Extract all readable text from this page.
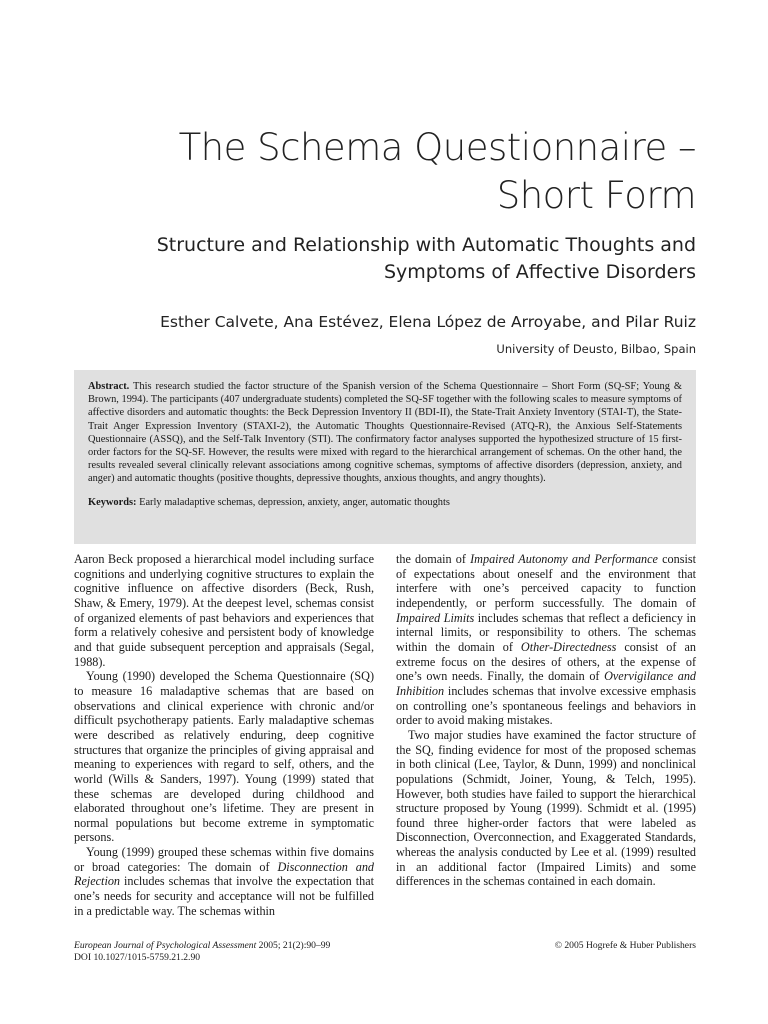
The Schema Questionnaire – Short Form
Structure and Relationship with Automatic Thoughts and Symptoms of Affective Disorders
Esther Calvete, Ana Estévez, Elena López de Arroyabe, and Pilar Ruiz
University of Deusto, Bilbao, Spain
Abstract. This research studied the factor structure of the Spanish version of the Schema Questionnaire – Short Form (SQ-SF; Young & Brown, 1994). The participants (407 undergraduate students) completed the SQ-SF together with the following scales to measure symptoms of affective disorders and automatic thoughts: the Beck Depression Inventory II (BDI-II), the State-Trait Anxiety Inventory (STAI-T), the State-Trait Anger Expression Inventory (STAXI-2), the Automatic Thoughts Questionnaire-Revised (ATQ-R), the Anxious Self-Statements Questionnaire (ASSQ), and the Self-Talk Inventory (STI). The confirmatory factor analyses supported the hypothesized structure of 15 first-order factors for the SQ-SF. However, the results were mixed with regard to the hierarchical arrangement of schemas. On the other hand, the results revealed several clinically relevant associations among cognitive schemas, symptoms of affective disorders (depression, anxiety, and anger) and automatic thoughts (positive thoughts, depressive thoughts, anxious thoughts, and angry thoughts).
Keywords: Early maladaptive schemas, depression, anxiety, anger, automatic thoughts

Aaron Beck proposed a hierarchical model including surface cognitions and underlying cognitive structures to explain the cognitive influence on affective disorders (Beck, Rush, Shaw, & Emery, 1979). At the deepest level, schemas consist of organized elements of past behaviors and experiences that form a relatively cohesive and persistent body of knowledge and that guide subsequent perception and appraisals (Segal, 1988).

Young (1990) developed the Schema Questionnaire (SQ) to measure 16 maladaptive schemas that are based on observations and clinical experience with chronic and/or difficult psychotherapy patients. Early maladaptive schemas were described as relatively enduring, deep cognitive structures that organize the principles of giving appraisal and meaning to experiences with regard to self, others, and the world (Wills & Sanders, 1997). Young (1999) stated that these schemas are developed during childhood and elaborated throughout one’s lifetime. They are present in normal populations but become extreme in symptomatic persons.

Young (1999) grouped these schemas within five domains or broad categories: The domain of Disconnection and Rejection includes schemas that involve the expectation that one’s needs for security and acceptance will not be fulfilled in a predictable way. The schemas within

the domain of Impaired Autonomy and Performance consist of expectations about oneself and the environment that interfere with one’s perceived capacity to function independently, or perform successfully. The domain of Impaired Limits includes schemas that reflect a deficiency in internal limits, or responsibility to others. The schemas within the domain of Other-Directedness consist of an extreme focus on the desires of others, at the expense of one’s own needs. Finally, the domain of Overvigilance and Inhibition includes schemas that involve excessive emphasis on controlling one’s spontaneous feelings and behaviors in order to avoid making mistakes.

Two major studies have examined the factor structure of the SQ, finding evidence for most of the proposed schemas in both clinical (Lee, Taylor, & Dunn, 1999) and nonclinical populations (Schmidt, Joiner, Young, & Telch, 1995). However, both studies have failed to support the hierarchical structure proposed by Young (1999). Schmidt et al. (1995) found three higher-order factors that were labeled as Disconnection, Overconnection, and Exaggerated Standards, whereas the analysis conducted by Lee et al. (1999) resulted in an additional factor (Impaired Limits) and some differences in the schemas contained in each domain.

European Journal of Psychological Assessment 2005; 21(2):90–99
DOI 10.1027/1015-5759.21.2.90
© 2005 Hogrefe & Huber Publishers
